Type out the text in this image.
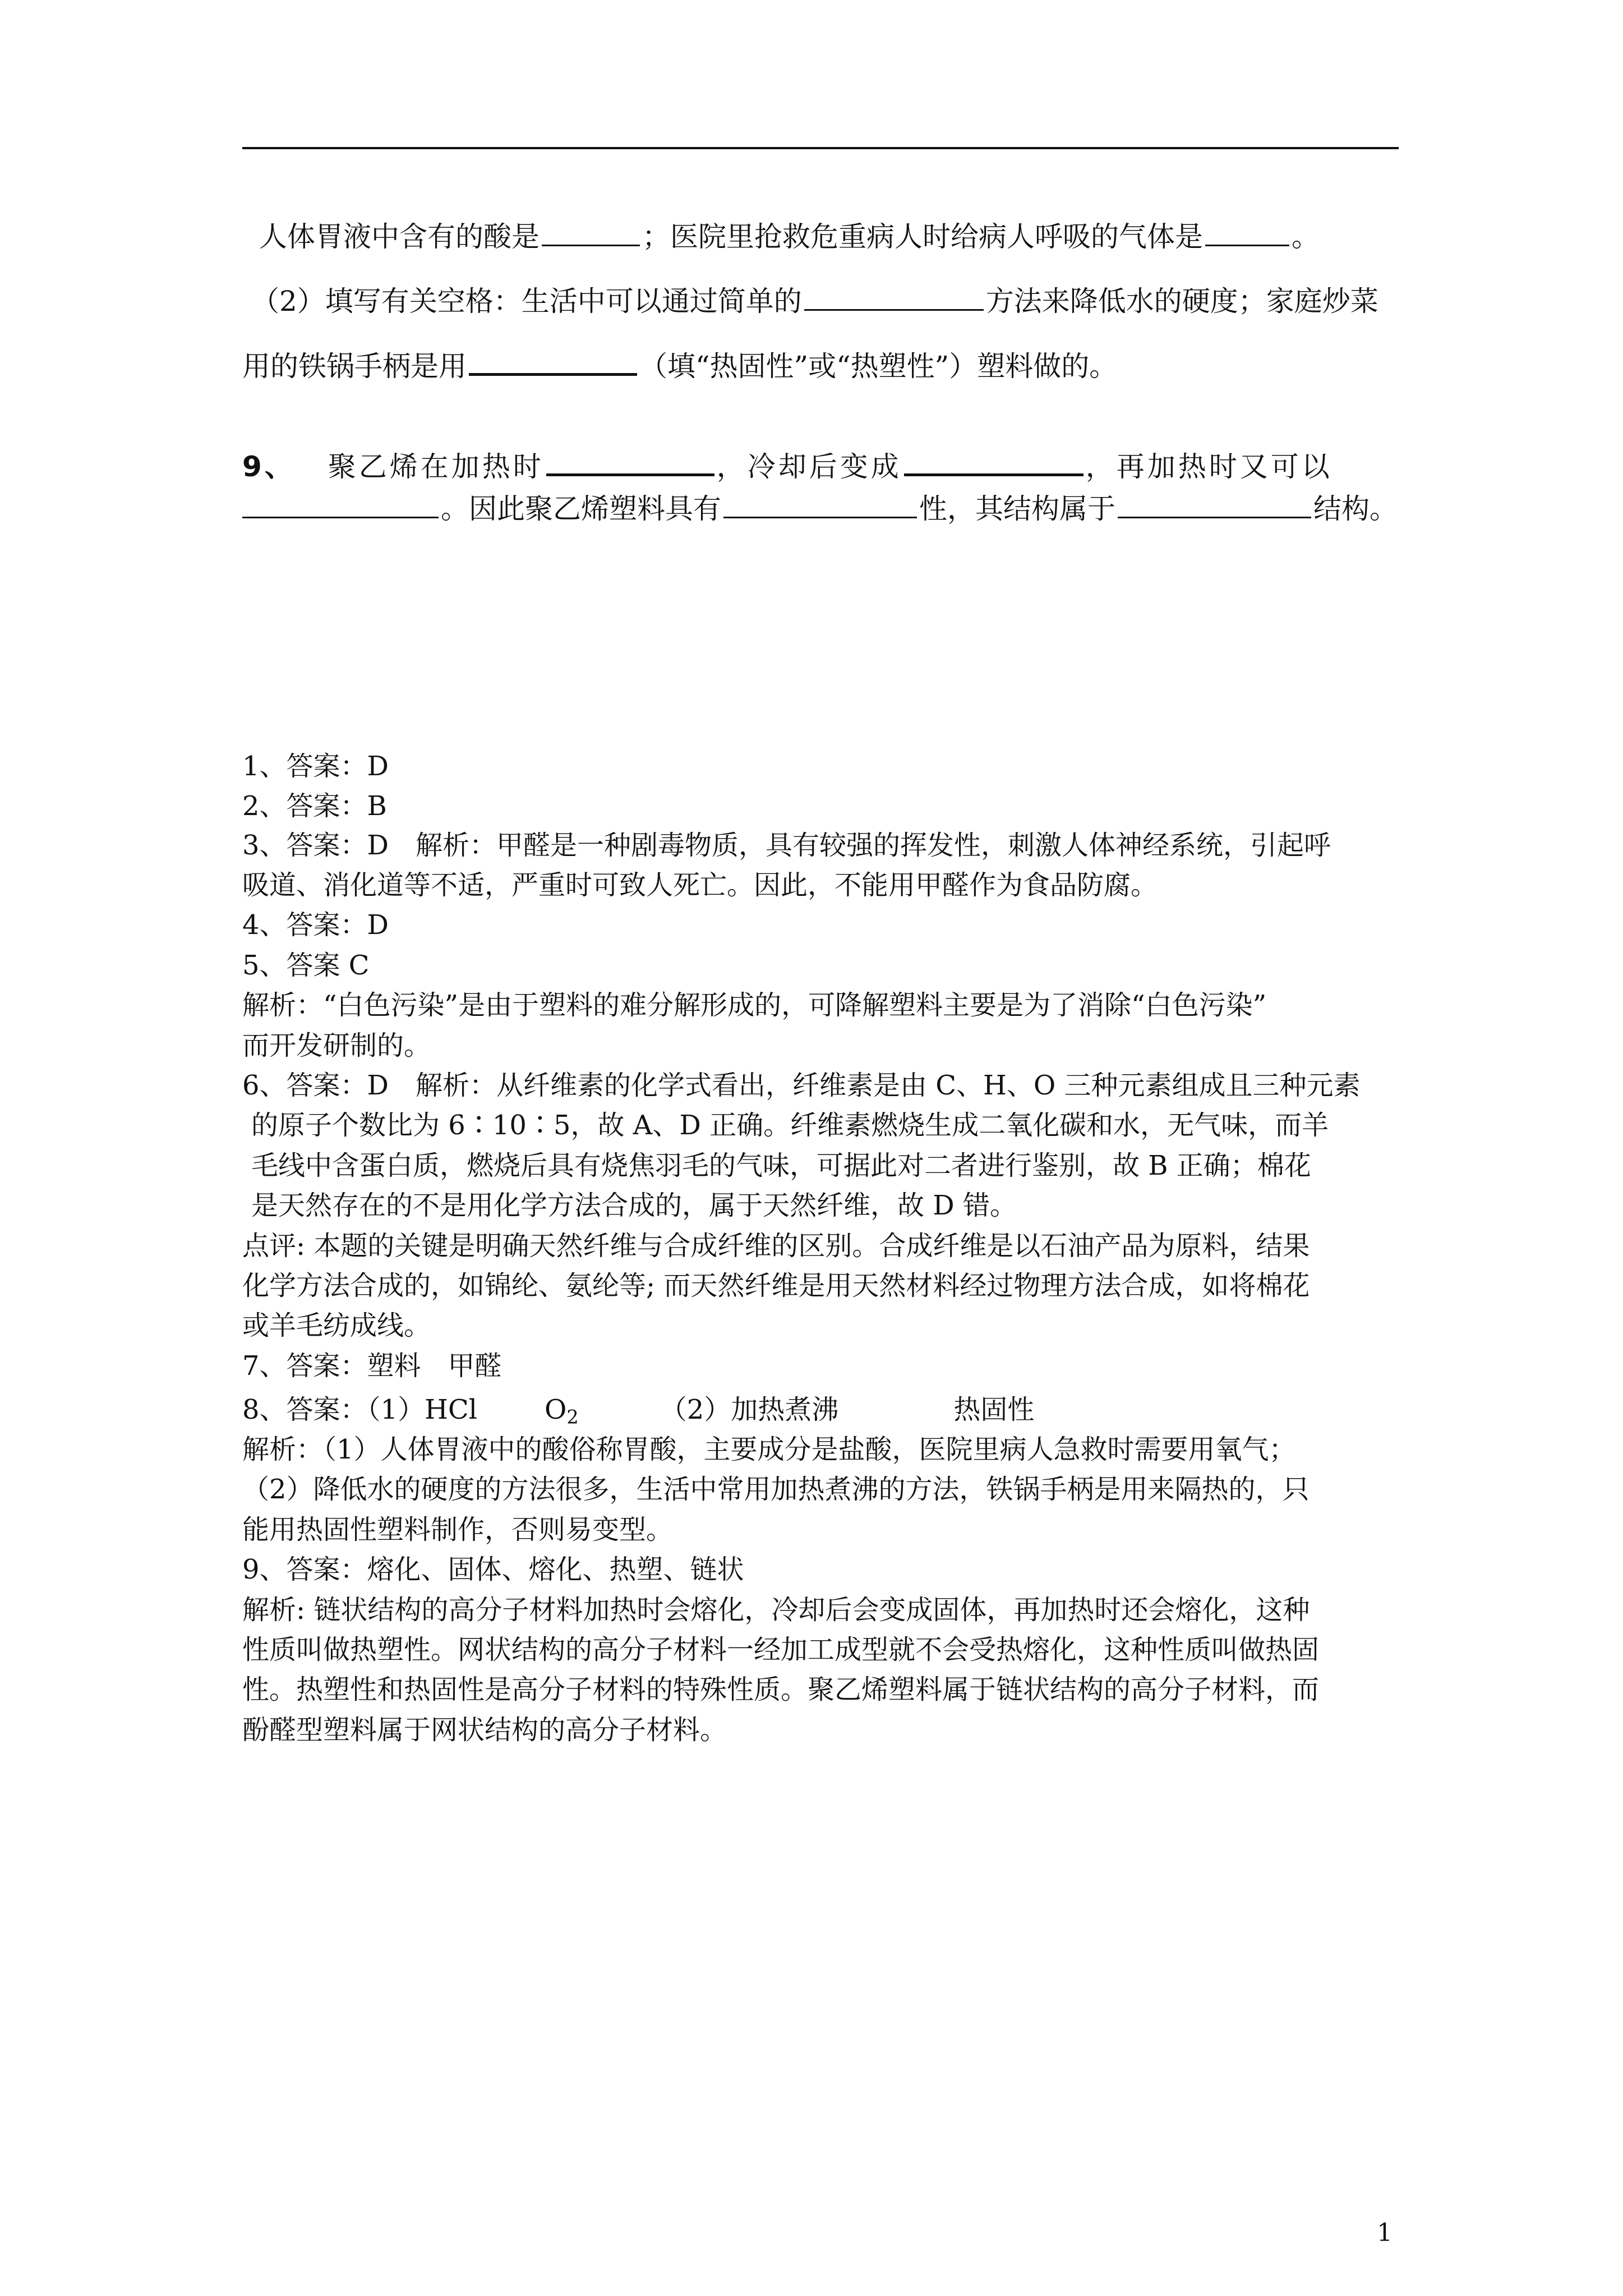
人体胃液中含有的酸是	；医院里抢救危重病人时给病人呼吸的气体是	。
（2）填写有关空格：生活中可以通过简单的	方法来降低水的硬度；家庭炒菜
用的铁锅手柄是用	（填“热固性”或“热塑性”）塑料做的。
9、 聚乙烯在加热时	，冷却后变成	，再加热时又可以
。因此聚乙烯塑料具有	性，其结构属于	结构。
1、答案：D
2、答案：B
3、答案：D　解析：甲醛是一种剧毒物质，具有较强的挥发性，刺激人体神经系统，引起呼
吸道、消化道等不适，严重时可致人死亡。因此，不能用甲醛作为食品防腐。
4、答案：D
5、答案 C
解析：“白色污染”是由于塑料的难分解形成的，可降解塑料主要是为了消除“白色污染”
而开发研制的。
6、答案：D　解析：从纤维素的化学式看出，纤维素是由 C、H、O 三种元素组成且三种元素
的原子个数比为 6∶10∶5，故 A、D 正确。纤维素燃烧生成二氧化碳和水，无气味，而羊
毛线中含蛋白质，燃烧后具有烧焦羽毛的气味，可据此对二者进行鉴别，故 B 正确；棉花
是天然存在的不是用化学方法合成的，属于天然纤维，故 D 错。
点评: 本题的关键是明确天然纤维与合成纤维的区别。合成纤维是以石油产品为原料，结果
化学方法合成的，如锦纶、氨纶等; 而天然纤维是用天然材料经过物理方法合成，如将棉花
或羊毛纺成线。
7、答案：塑料　甲醛
8、答案：（1）HCl	$O_2$	（2）加热煮沸	热固性
解析：（1）人体胃液中的酸俗称胃酸，主要成分是盐酸，医院里病人急救时需要用氧气；
（2）降低水的硬度的方法很多，生活中常用加热煮沸的方法，铁锅手柄是用来隔热的，只
能用热固性塑料制作，否则易变型。
9、答案：熔化、固体、熔化、热塑、链状
解析: 链状结构的高分子材料加热时会熔化，冷却后会变成固体，再加热时还会熔化，这种
性质叫做热塑性。网状结构的高分子材料一经加工成型就不会受热熔化，这种性质叫做热固
性。热塑性和热固性是高分子材料的特殊性质。聚乙烯塑料属于链状结构的高分子材料，而
酚醛型塑料属于网状结构的高分子材料。
1
